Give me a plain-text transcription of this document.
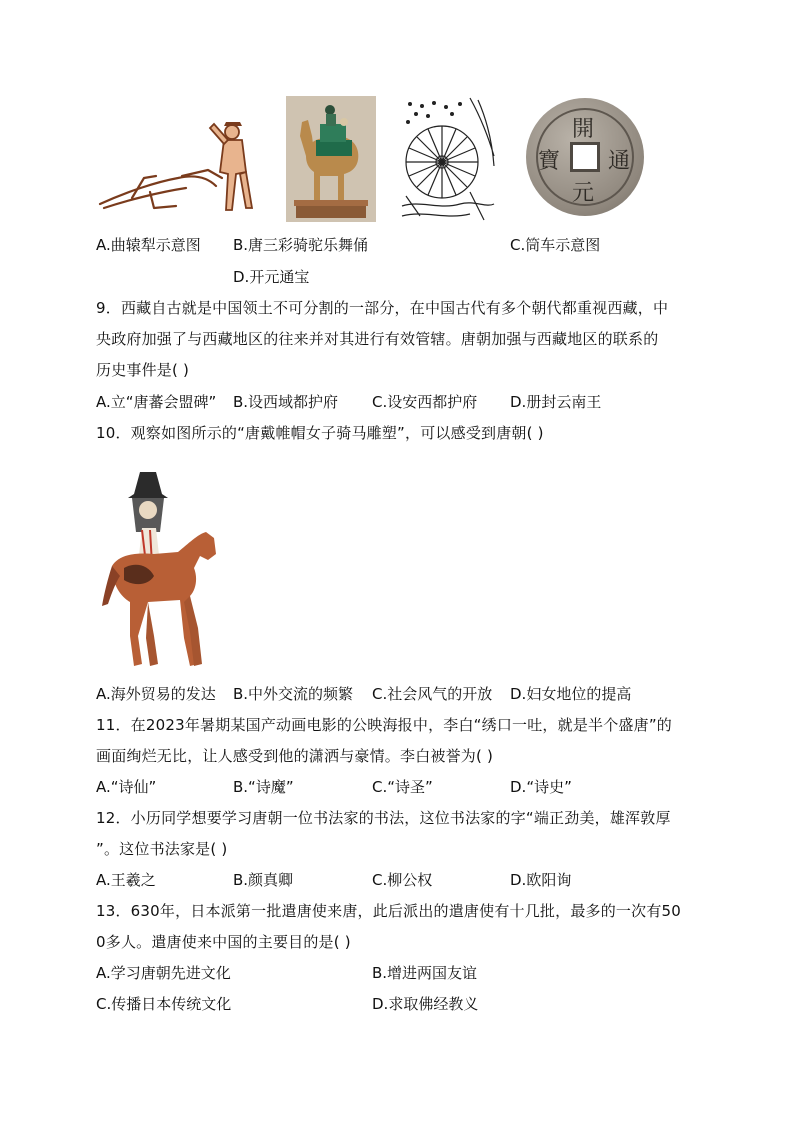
開
通
元
寶
A.曲辕犁示意图 B.唐三彩骑驼乐舞俑	C.筒车示意图
D.开元通宝
9．西藏自古就是中国领土不可分割的一部分，在中国古代有多个朝代都重视西藏，中
央政府加强了与西藏地区的往来并对其进行有效管辖。唐朝加强与西藏地区的联系的
历史事件是( )
A.立“唐蕃会盟碑” B.设西域都护府 C.设安西都护府 D.册封云南王
10．观察如图所示的“唐戴帷帽女子骑马雕塑”，可以感受到唐朝( )
A.海外贸易的发达 B.中外交流的频繁 C.社会风气的开放 D.妇女地位的提高
11．在2023年暑期某国产动画电影的公映海报中，李白“绣口一吐，就是半个盛唐”的
画面绚烂无比，让人感受到他的潇洒与豪情。李白被誉为( )
A.“诗仙”	B.“诗魔”	C.“诗圣”	D.“诗史”
12．小历同学想要学习唐朝一位书法家的书法，这位书法家的字“端正劲美，雄浑敦厚
”。这位书法家是( )
A.王羲之	B.颜真卿	C.柳公权	D.欧阳询
13．630年，日本派第一批遣唐使来唐，此后派出的遣唐使有十几批，最多的一次有50
0多人。遣唐使来中国的主要目的是( )
A.学习唐朝先进文化	B.增进两国友谊
C.传播日本传统文化	D.求取佛经教义
